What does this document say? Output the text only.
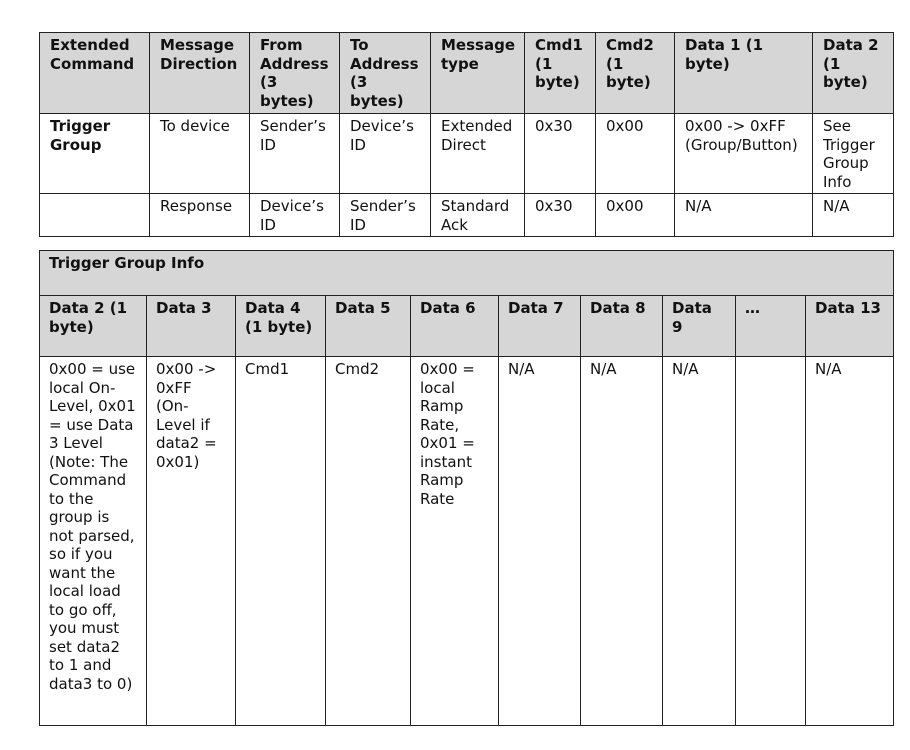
Extended Command	Message Direction	From Address (3 bytes)	To Address (3 bytes)	Message type	Cmd1 (1 byte)	Cmd2 (1 byte)	Data 1 (1 byte)	Data 2 (1 byte)
Trigger Group	To device	Sender’s ID	Device’s ID	Extended Direct	0x30	0x00	0x00 -> 0xFF (Group/Button)	See Trigger Group Info
	Response	Device’s ID	Sender’s ID	Standard Ack	0x30	0x00	N/A	N/A
Trigger Group Info									
Data 2 (1 byte)	Data 3	Data 4 (1 byte)	Data 5	Data 6	Data 7	Data 8	Data 9	…	Data 13
0x00 = use local On-Level, 0x01 = use Data 3 Level (Note: The Command to the group is not parsed, so if you want the local load to go off, you must set data2 to 1 and data3 to 0)	0x00 -> 0xFF (On-Level if data2 = 0x01)	Cmd1	Cmd2	0x00 = local Ramp Rate, 0x01 = instant Ramp Rate	N/A	N/A	N/A		N/A
